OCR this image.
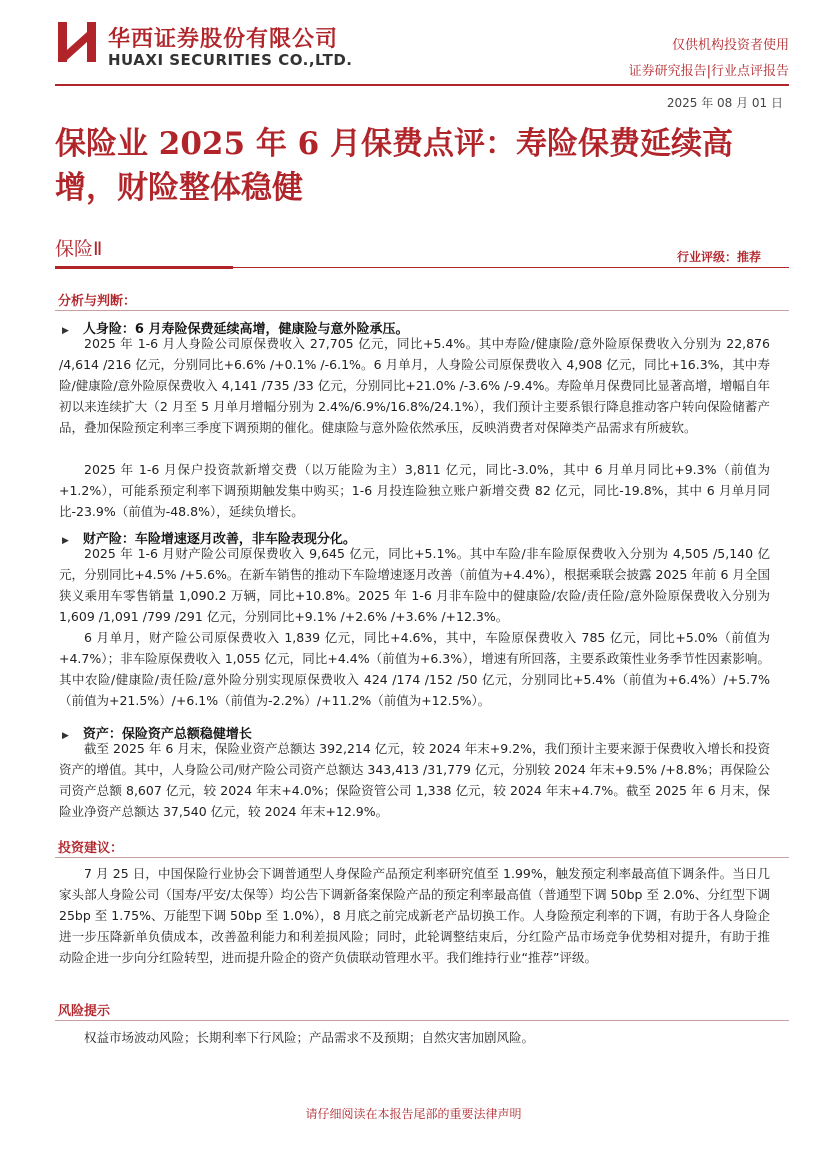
华西证券股份有限公司
HUAXI SECURITIES CO.,LTD.
仅供机构投资者使用
证券研究报告|行业点评报告
2025 年 08 月 01 日
保险业 2025 年 6 月保费点评：寿险保费延续高增，财险整体稳健
保险Ⅱ	行业评级：推荐
分析与判断：
▶ 人身险：6 月寿险保费延续高增，健康险与意外险承压。

2025 年 1-6 月人身险公司原保费收入 27,705 亿元，同比+5.4%。其中寿险/健康险/意外险原保费收入分别为 22,876 /4,614 /216 亿元，分别同比+6.6% /+0.1% /-6.1%。6 月单月，人身险公司原保费收入 4,908 亿元，同比+16.3%，其中寿险/健康险/意外险原保费收入 4,141 /735 /33 亿元，分别同比+21.0% /-3.6% /-9.4%。寿险单月保费同比显著高增，增幅自年初以来连续扩大（2 月至 5 月单月增幅分别为 2.4%/6.9%/16.8%/24.1%），我们预计主要系银行降息推动客户转向保险储蓄产品，叠加保险预定利率三季度下调预期的催化。健康险与意外险依然承压，反映消费者对保障类产品需求有所疲软。

2025 年 1-6 月保户投资款新增交费（以万能险为主）3,811 亿元，同比-3.0%，其中 6 月单月同比+9.3%（前值为+1.2%），可能系预定利率下调预期触发集中购买；1-6 月投连险独立账户新增交费 82 亿元，同比-19.8%，其中 6 月单月同比-23.9%（前值为-48.8%），延续负增长。

▶ 财产险：车险增速逐月改善，非车险表现分化。

2025 年 1-6 月财产险公司原保费收入 9,645 亿元，同比+5.1%。其中车险/非车险原保费收入分别为 4,505 /5,140 亿元，分别同比+4.5% /+5.6%。在新车销售的推动下车险增速逐月改善（前值为+4.4%），根据乘联会披露 2025 年前 6 月全国狭义乘用车零售销量 1,090.2 万辆，同比+10.8%。2025 年 1-6 月非车险中的健康险/农险/责任险/意外险原保费收入分别为 1,609 /1,091 /799 /291 亿元，分别同比+9.1% /+2.6% /+3.6% /+12.3%。

6 月单月，财产险公司原保费收入 1,839 亿元，同比+4.6%，其中，车险原保费收入 785 亿元，同比+5.0%（前值为+4.7%）；非车险原保费收入 1,055 亿元，同比+4.4%（前值为+6.3%），增速有所回落，主要系政策性业务季节性因素影响。其中农险/健康险/责任险/意外险分别实现原保费收入 424 /174 /152 /50 亿元，分别同比+5.4%（前值为+6.4%）/+5.7%（前值为+21.5%）/+6.1%（前值为-2.2%）/+11.2%（前值为+12.5%）。

▶ 资产：保险资产总额稳健增长

截至 2025 年 6 月末，保险业资产总额达 392,214 亿元，较 2024 年末+9.2%，我们预计主要来源于保费收入增长和投资资产的增值。其中，人身险公司/财产险公司资产总额达 343,413 /31,779 亿元，分别较 2024 年末+9.5% /+8.8%；再保险公司资产总额 8,607 亿元，较 2024 年末+4.0%；保险资管公司 1,338 亿元，较 2024 年末+4.7%。截至 2025 年 6 月末，保险业净资产总额达 37,540 亿元，较 2024 年末+12.9%。

投资建议：

7 月 25 日，中国保险行业协会下调普通型人身保险产品预定利率研究值至 1.99%，触发预定利率最高值下调条件。当日几家头部人身险公司（国寿/平安/太保等）均公告下调新备案保险产品的预定利率最高值（普通型下调 50bp 至 2.0%、分红型下调 25bp 至 1.75%、万能型下调 50bp 至 1.0%），8 月底之前完成新老产品切换工作。人身险预定利率的下调，有助于各人身险企进一步压降新单负债成本，改善盈利能力和利差损风险；同时，此轮调整结束后，分红险产品市场竞争优势相对提升，有助于推动险企进一步向分红险转型，进而提升险企的资产负债联动管理水平。我们维持行业“推荐”评级。

风险提示

权益市场波动风险；长期利率下行风险；产品需求不及预期；自然灾害加剧风险。

请仔细阅读在本报告尾部的重要法律声明
